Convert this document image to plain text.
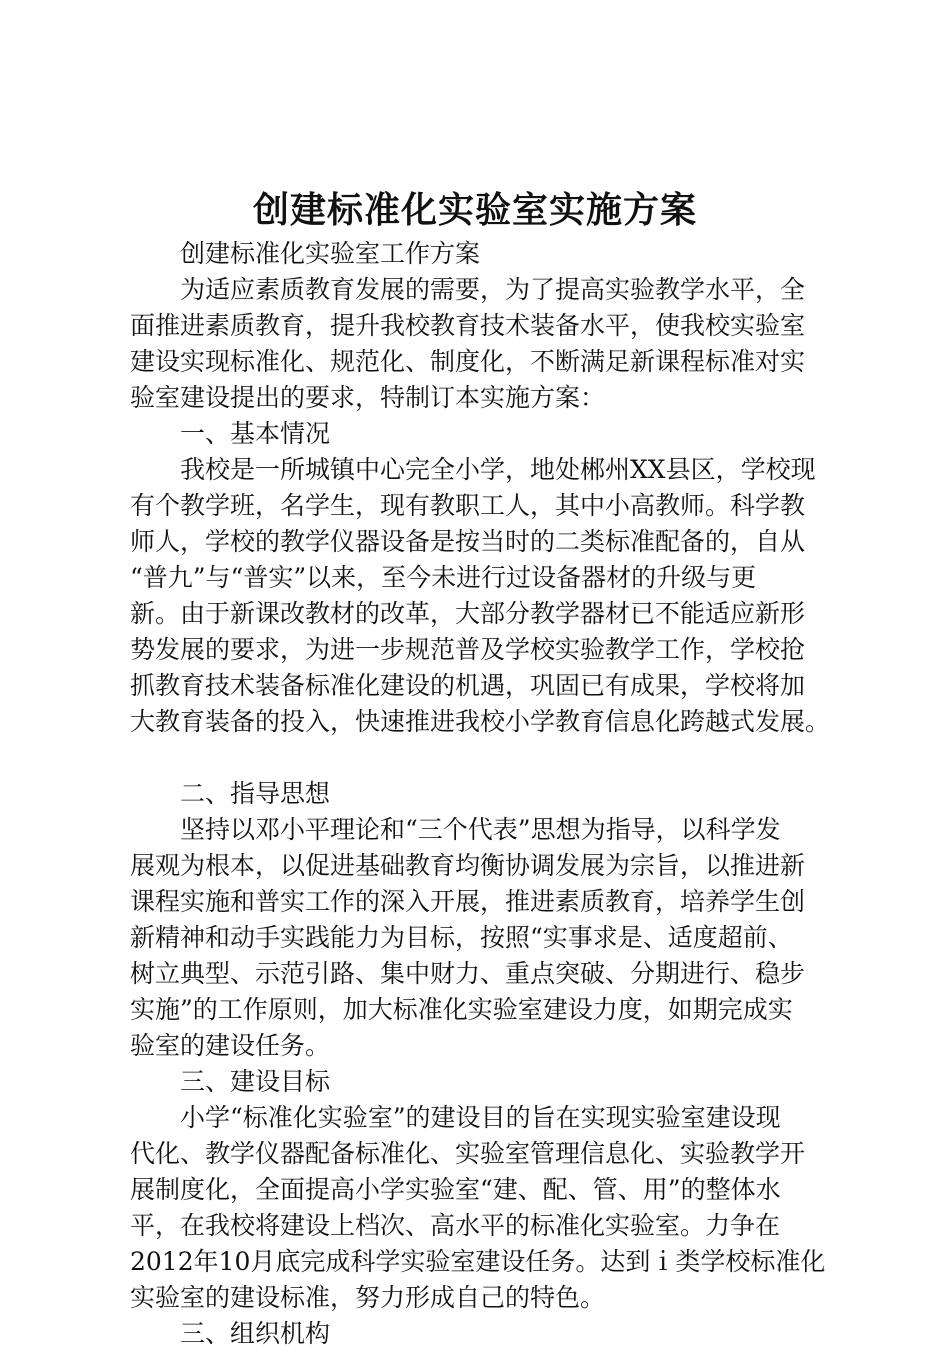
创建标准化实验室实施方案
创建标准化实验室工作方案
为适应素质教育发展的需要，为了提高实验教学水平，全
面推进素质教育，提升我校教育技术装备水平，使我校实验室
建设实现标准化、规范化、制度化，不断满足新课程标准对实
验室建设提出的要求，特制订本实施方案：
一、基本情况
我校是一所城镇中心完全小学，地处郴州XX县区，学校现
有个教学班，名学生，现有教职工人，其中小高教师。科学教
师人，学校的教学仪器设备是按当时的二类标准配备的，自从
“普九”与“普实”以来，至今未进行过设备器材的升级与更
新。由于新课改教材的改革，大部分教学器材已不能适应新形
势发展的要求，为进一步规范普及学校实验教学工作，学校抢
抓教育技术装备标准化建设的机遇，巩固已有成果，学校将加
大教育装备的投入，快速推进我校小学教育信息化跨越式发展。
二、指导思想
坚持以邓小平理论和“三个代表”思想为指导，以科学发
展观为根本，以促进基础教育均衡协调发展为宗旨，以推进新
课程实施和普实工作的深入开展，推进素质教育，培养学生创
新精神和动手实践能力为目标，按照“实事求是、适度超前、
树立典型、示范引路、集中财力、重点突破、分期进行、稳步
实施”的工作原则，加大标准化实验室建设力度，如期完成实
验室的建设任务。
三、建设目标
小学“标准化实验室”的建设目的旨在实现实验室建设现
代化、教学仪器配备标准化、实验室管理信息化、实验教学开
展制度化，全面提高小学实验室“建、配、管、用”的整体水
平，在我校将建设上档次、高水平的标准化实验室。力争在
2012年10月底完成科学实验室建设任务。达到ｉ类学校标准化
实验室的建设标准，努力形成自己的特色。
三、组织机构
